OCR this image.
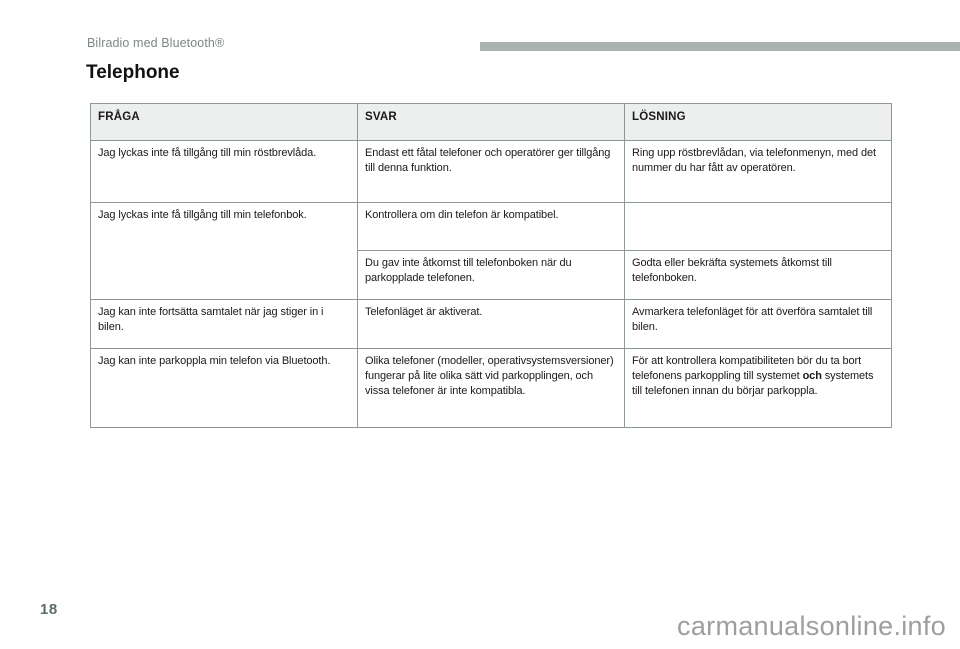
Bilradio med Bluetooth®
Telephone
FRÅGA	SVAR	LÖSNING
Jag lyckas inte få tillgång till min röstbrevlåda.	Endast ett fåtal telefoner och operatörer ger tillgång till denna funktion.	Ring upp röstbrevlådan, via telefonmenyn, med det nummer du har fått av operatören.
Jag lyckas inte få tillgång till min telefonbok.	Kontrollera om din telefon är kompatibel.	
	Du gav inte åtkomst till telefonboken när du parkopplade telefonen.	Godta eller bekräfta systemets åtkomst till telefonboken.
Jag kan inte fortsätta samtalet när jag stiger in i bilen.	Telefonläget är aktiverat.	Avmarkera telefonläget för att överföra samtalet till bilen.
Jag kan inte parkoppla min telefon via Bluetooth.	Olika telefoner (modeller, operativsystemsversioner) fungerar på lite olika sätt vid parkopplingen, och vissa telefoner är inte kompatibla.	För att kontrollera kompatibiliteten bör du ta bort telefonens parkoppling till systemet och systemets till telefonen innan du börjar parkoppla.
18
carmanualsonline.info
